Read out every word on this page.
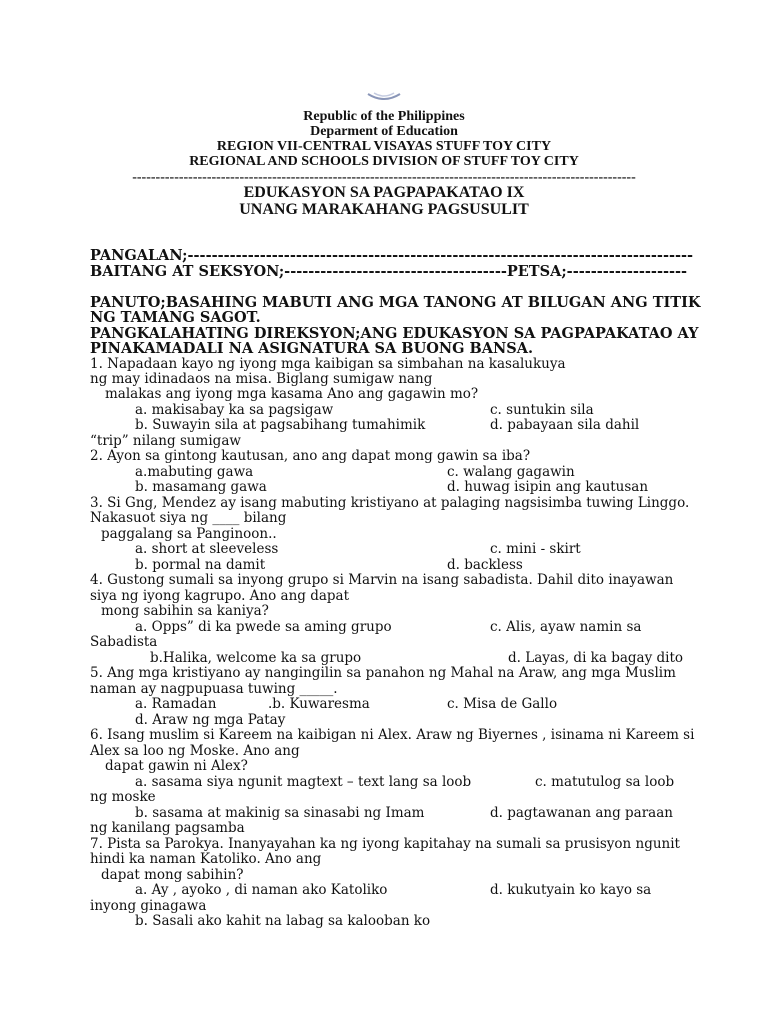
Republic of the Philippines
Deparment of Education
REGION VII-CENTRAL VISAYAS STUFF TOY CITY
REGIONAL AND SCHOOLS DIVISION OF STUFF TOY CITY
------------------------------------------------------------------------------------------------------------
EDUKASYON SA PAGPAPAKATAO IX
UNANG MARAKAHANG PAGSUSULIT
PANGALAN;------------------------------------------------------------------------------------
BAITANG AT SEKSYON;-------------------------------------PETSA;--------------------
PANUTO;BASAHING MABUTI ANG MGA TANONG AT BILUGAN ANG TITIK
NG TAMANG SAGOT.
PANGKALAHATING DIREKSYON;ANG EDUKASYON SA PAGPAPAKATAO AY
PINAKAMADALI NA ASIGNATURA SA BUONG BANSA.
1. Napadaan kayo ng iyong mga kaibigan sa simbahan na kasalukuya
ng may idinadaos na misa. Biglang sumigaw nang
malakas ang iyong mga kasama Ano ang gagawin mo?
a. makisabay ka sa pagsigaw	c. suntukin sila
b. Suwayin sila at pagsabihang tumahimik	d. pabayaan sila dahil
“trip” nilang sumigaw
2. Ayon sa gintong kautusan, ano ang dapat mong gawin sa iba?
a.mabuting gawa	c. walang gagawin
b. masamang gawa	d. huwag isipin ang kautusan
3. Si Gng, Mendez ay isang mabuting kristiyano at palaging nagsisimba tuwing Linggo.
Nakasuot siya ng ____ bilang
paggalang sa Panginoon..
a. short at sleeveless	c. mini - skirt
b. pormal na damit	d. backless
4. Gustong sumali sa inyong grupo si Marvin na isang sabadista. Dahil dito inayawan
siya ng iyong kagrupo. Ano ang dapat
mong sabihin sa kaniya?
a. Opps” di ka pwede sa aming grupo	c. Alis, ayaw namin sa
Sabadista
b.Halika, welcome ka sa grupo	d. Layas, di ka bagay dito
5. Ang mga kristiyano ay nangingilin sa panahon ng Mahal na Araw, ang mga Muslim
naman ay nagpupuasa tuwing _____.
a. Ramadan	.b. Kuwaresma	c. Misa de Gallo
d. Araw ng mga Patay
6. Isang muslim si Kareem na kaibigan ni Alex. Araw ng Biyernes , isinama ni Kareem si
Alex sa loo ng Moske. Ano ang
dapat gawin ni Alex?
a. sasama siya ngunit magtext – text lang sa loob	c. matutulog sa loob
ng moske
b. sasama at makinig sa sinasabi ng Imam	d. pagtawanan ang paraan
ng kanilang pagsamba
7. Pista sa Parokya. Inanyayahan ka ng iyong kapitahay na sumali sa prusisyon ngunit
hindi ka naman Katoliko. Ano ang
dapat mong sabihin?
a. Ay , ayoko , di naman ako Katoliko	d. kukutyain ko kayo sa
inyong ginagawa
b. Sasali ako kahit na labag sa kalooban ko
